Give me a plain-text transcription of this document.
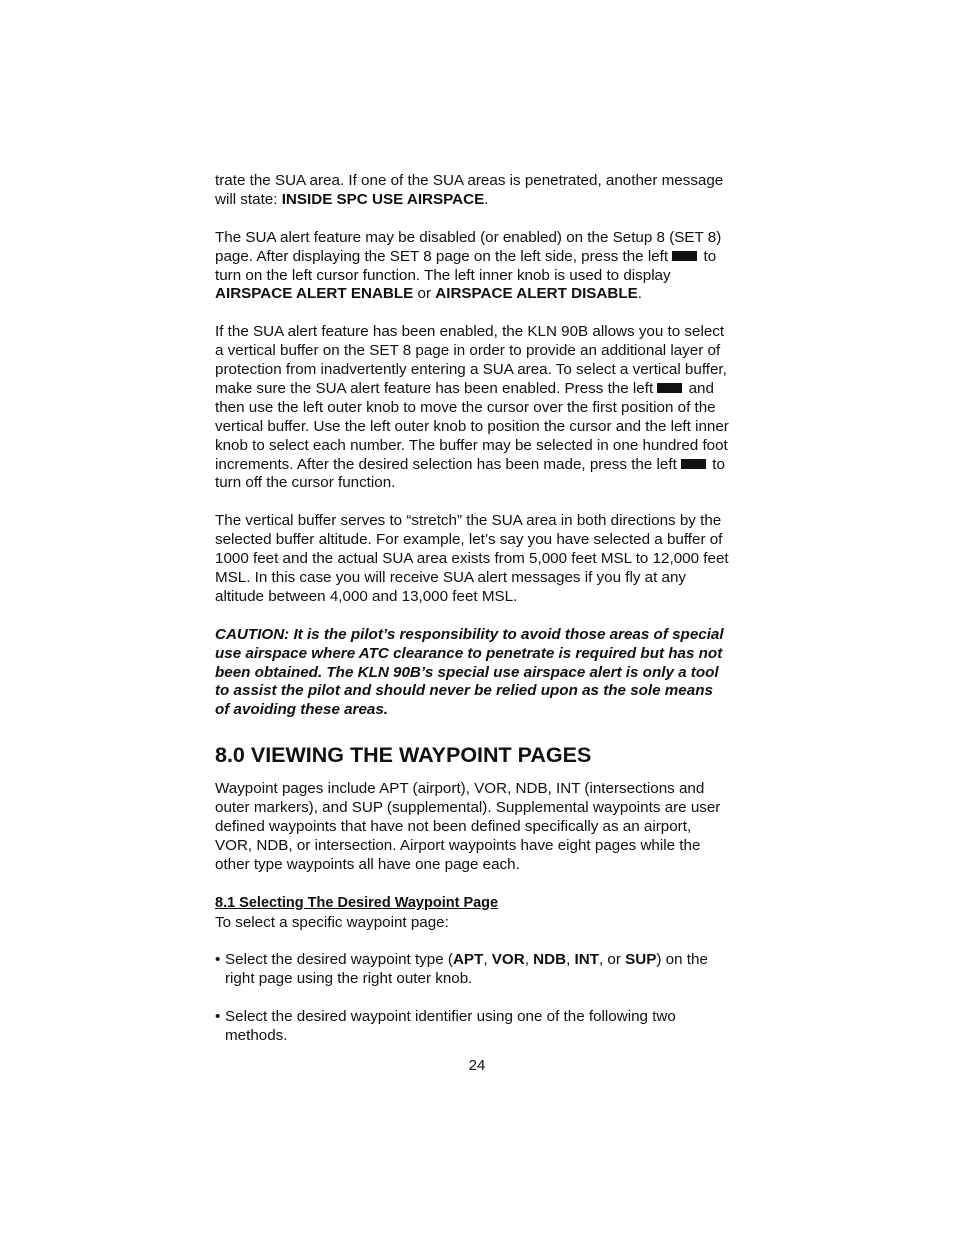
trate the SUA area. If one of the SUA areas is penetrated, another message will state: INSIDE SPC USE AIRSPACE.

The SUA alert feature may be disabled (or enabled) on the Setup 8 (SET 8) page. After displaying the SET 8 page on the left side, press the left  to turn on the left cursor function. The left inner knob is used to display AIRSPACE ALERT ENABLE or AIRSPACE ALERT DISABLE.

If the SUA alert feature has been enabled, the KLN 90B allows you to select a vertical buffer on the SET 8 page in order to provide an additional layer of protection from inadvertently entering a SUA area. To select a vertical buffer, make sure the SUA alert feature has been enabled. Press the left  and then use the left outer knob to move the cursor over the first position of the vertical buffer. Use the left outer knob to position the cursor and the left inner knob to select each number. The buffer may be selected in one hundred foot increments. After the desired selection has been made, press the left  to turn off the cursor function.

The vertical buffer serves to “stretch” the SUA area in both directions by the selected buffer altitude. For example, let’s say you have selected a buffer of 1000 feet and the actual SUA area exists from 5,000 feet MSL to 12,000 feet MSL. In this case you will receive SUA alert messages if you fly at any altitude between 4,000 and 13,000 feet MSL.

CAUTION: It is the pilot’s responsibility to avoid those areas of special use airspace where ATC clearance to penetrate is required but has not been obtained. The KLN 90B’s special use airspace alert is only a tool to assist the pilot and should never be relied upon as the sole means of avoiding these areas.

8.0 VIEWING THE WAYPOINT PAGES

Waypoint pages include APT (airport), VOR, NDB, INT (intersections and outer markers), and SUP (supplemental). Supplemental waypoints are user defined waypoints that have not been defined specifically as an airport, VOR, NDB, or intersection. Airport waypoints have eight pages while the other type waypoints all have one page each.

8.1 Selecting The Desired Waypoint Page

To select a specific waypoint page:

• Select the desired waypoint type (APT, VOR, NDB, INT, or SUP) on the right page using the right outer knob.
• Select the desired waypoint identifier using one of the following two methods.
24
